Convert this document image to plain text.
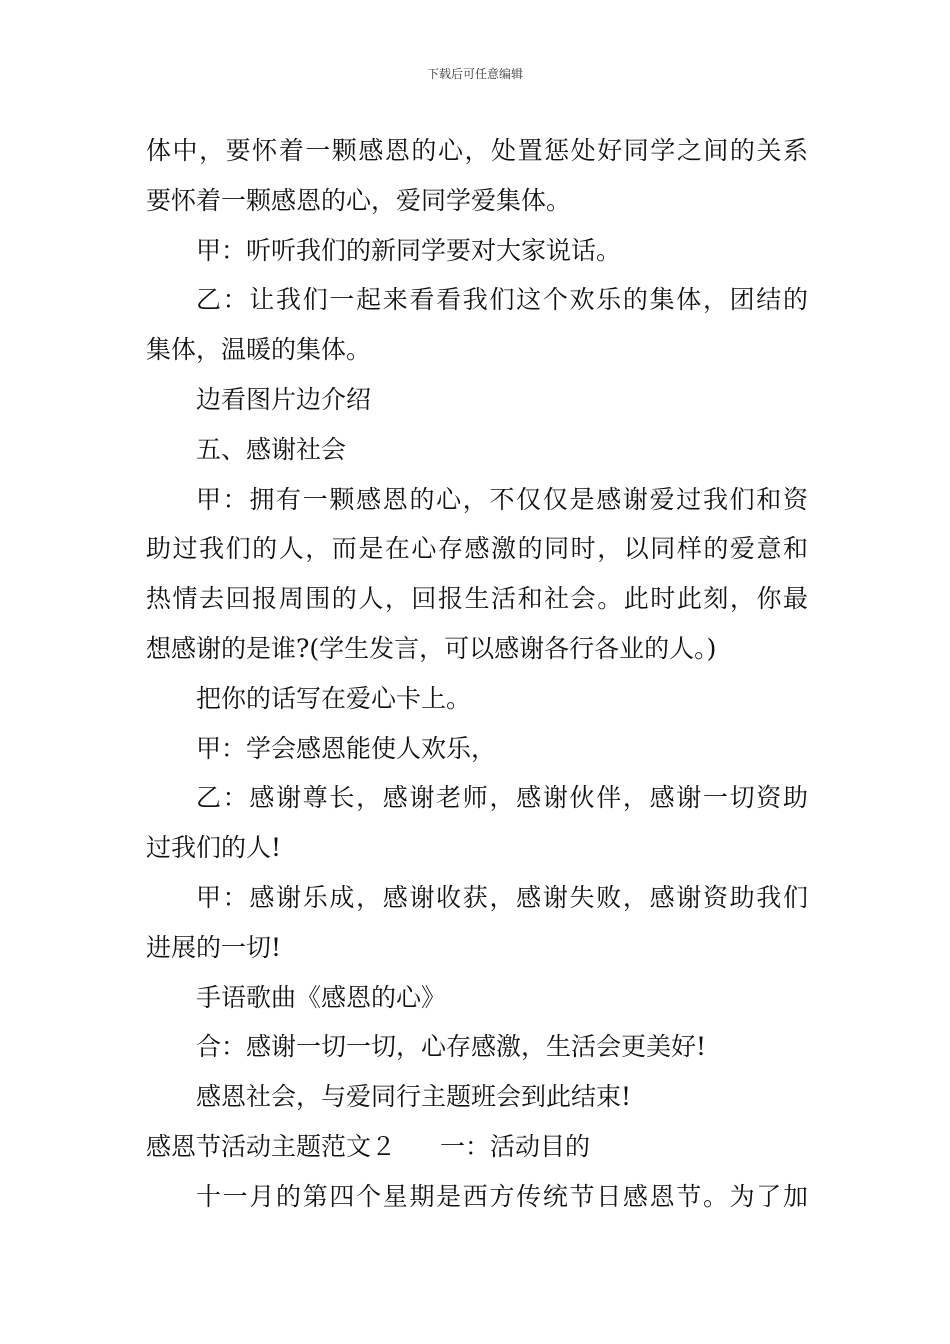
下载后可任意编辑
体中，要怀着一颗感恩的心，处置惩处好同学之间的关系
要怀着一颗感恩的心，爱同学爱集体。
甲：听听我们的新同学要对大家说话。
乙：让我们一起来看看我们这个欢乐的集体，团结的
集体，温暖的集体。
边看图片边介绍
五、感谢社会
甲：拥有一颗感恩的心，不仅仅是感谢爱过我们和资
助过我们的人，而是在心存感激的同时，以同样的爱意和
热情去回报周围的人，回报生活和社会。此时此刻，你最
想感谢的是谁?(学生发言，可以感谢各行各业的人。)
把你的话写在爱心卡上。
甲：学会感恩能使人欢乐，
乙：感谢尊长，感谢老师，感谢伙伴，感谢一切资助
过我们的人!
甲：感谢乐成，感谢收获，感谢失败，感谢资助我们
进展的一切!
手语歌曲《感恩的心》
合：感谢一切一切，心存感激，生活会更美好!
感恩社会，与爱同行主题班会到此结束!
感恩节活动主题范文２ 一：活动目的
十一月的第四个星期是西方传统节日感恩节。为了加
